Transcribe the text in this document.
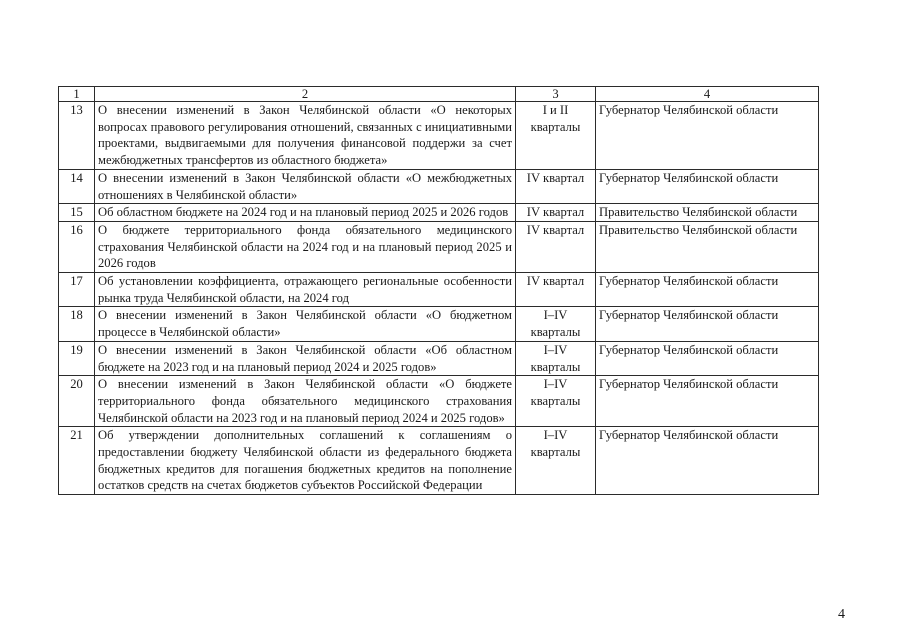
1	2	3	4
13	О внесении изменений в Закон Челябинской области «О некоторых вопросах правового регулирования отношений, связанных с инициативными проектами, выдвигаемыми для получения финансовой поддержи за счет межбюджетных трансфертов из областного бюджета»	I и II кварталы	Губернатор Челябинской области
14	О внесении изменений в Закон Челябинской области «О межбюджетных отношениях в Челябинской области»	IV квартал	Губернатор Челябинской области
15	Об областном бюджете на 2024 год и на плановый период 2025 и 2026 годов	IV квартал	Правительство Челябинской области
16	О бюджете территориального фонда обязательного медицинского страхования Челябинской области на 2024 год и на плановый период 2025 и 2026 годов	IV квартал	Правительство Челябинской области
17	Об установлении коэффициента, отражающего региональные особенности рынка труда Челябинской области, на 2024 год	IV квартал	Губернатор Челябинской области
18	О внесении изменений в Закон Челябинской области «О бюджетном процессе в Челябинской области»	I–IV кварталы	Губернатор Челябинской области
19	О внесении изменений в Закон Челябинской области «Об областном бюджете на 2023 год и на плановый период 2024 и 2025 годов»	I–IV кварталы	Губернатор Челябинской области
20	О внесении изменений в Закон Челябинской области «О бюджете территориального фонда обязательного медицинского страхования Челябинской области на 2023 год и на плановый период 2024 и 2025 годов»	I–IV кварталы	Губернатор Челябинской области
21	Об утверждении дополнительных соглашений к соглашениям о предоставлении бюджету Челябинской области из федерального бюджета бюджетных кредитов для погашения бюджетных кредитов на пополнение остатков средств на счетах бюджетов субъектов Российской Федерации	I–IV кварталы	Губернатор Челябинской области
4
